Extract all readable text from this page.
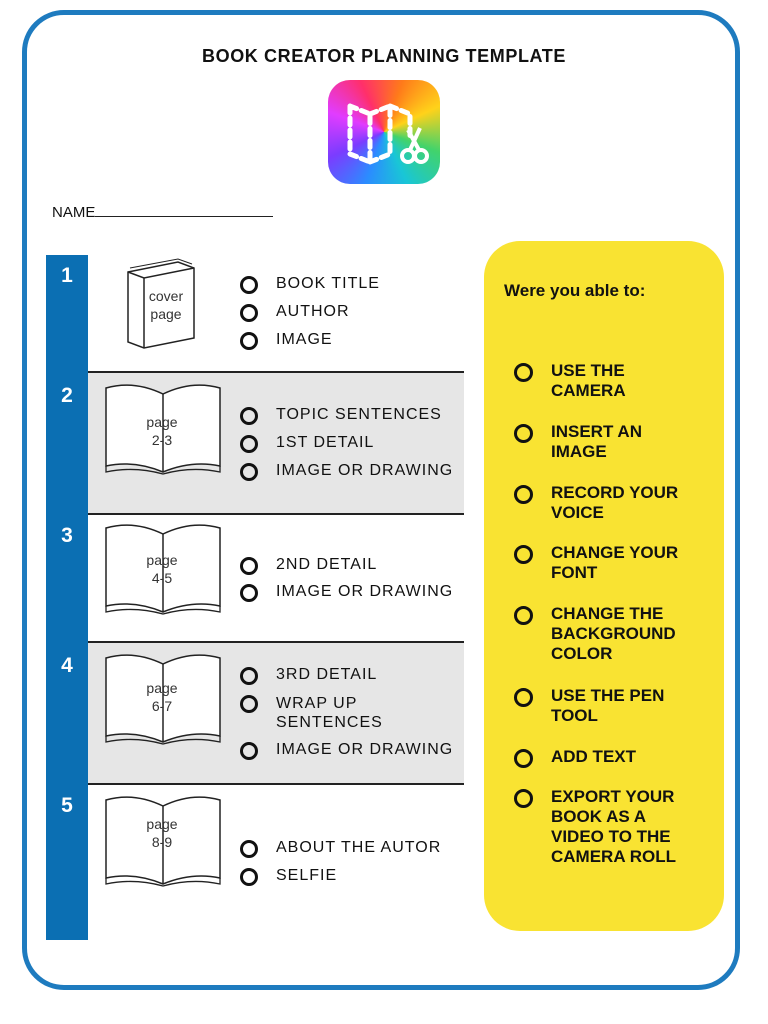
BOOK CREATOR PLANNING TEMPLATE
NAME
1
2
3
4
5
cover
page
page
2-3
page
4-5
page
6-7
page
8-9
BOOK TITLE
AUTHOR
IMAGE
TOPIC SENTENCES
1ST DETAIL
IMAGE OR DRAWING
2ND DETAIL
IMAGE OR DRAWING
3RD DETAIL
WRAP UP SENTENCES
IMAGE OR DRAWING
ABOUT THE AUTOR
SELFIE
Were you able to:
USE THE CAMERA
INSERT AN IMAGE
RECORD YOUR VOICE
CHANGE YOUR FONT
CHANGE THE BACKGROUND COLOR
USE THE PEN TOOL
ADD TEXT
EXPORT YOUR BOOK AS A VIDEO TO THE CAMERA ROLL
